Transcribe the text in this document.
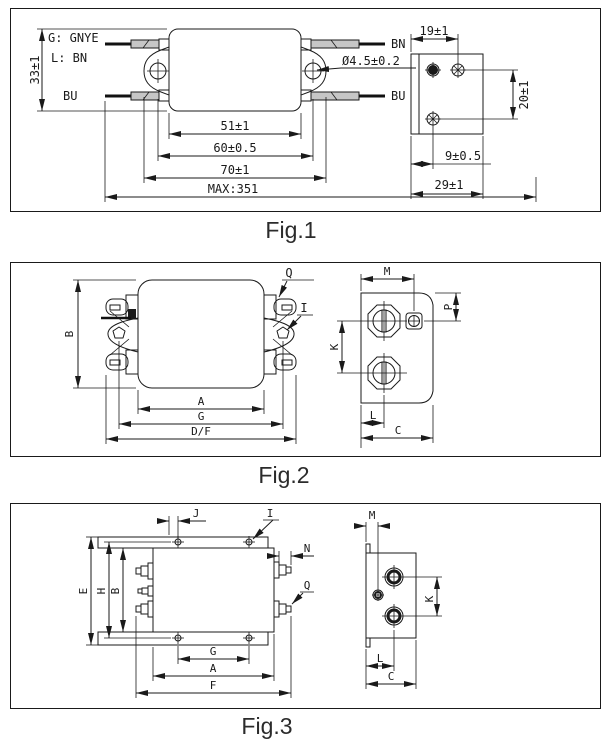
G: GNYE
L: BN
BU
BN
BU
Ø4.5±0.2
33±1
51±1
60±0.5
70±1
MAX:351
19±1
20±1
9±0.5
29±1
Fig.1
Q
I
B
A
G
D/F
M
P
K
L
C
Fig.2
J	I
N
Q
E H B
G
A
F
M
K
L
C
Fig.3
